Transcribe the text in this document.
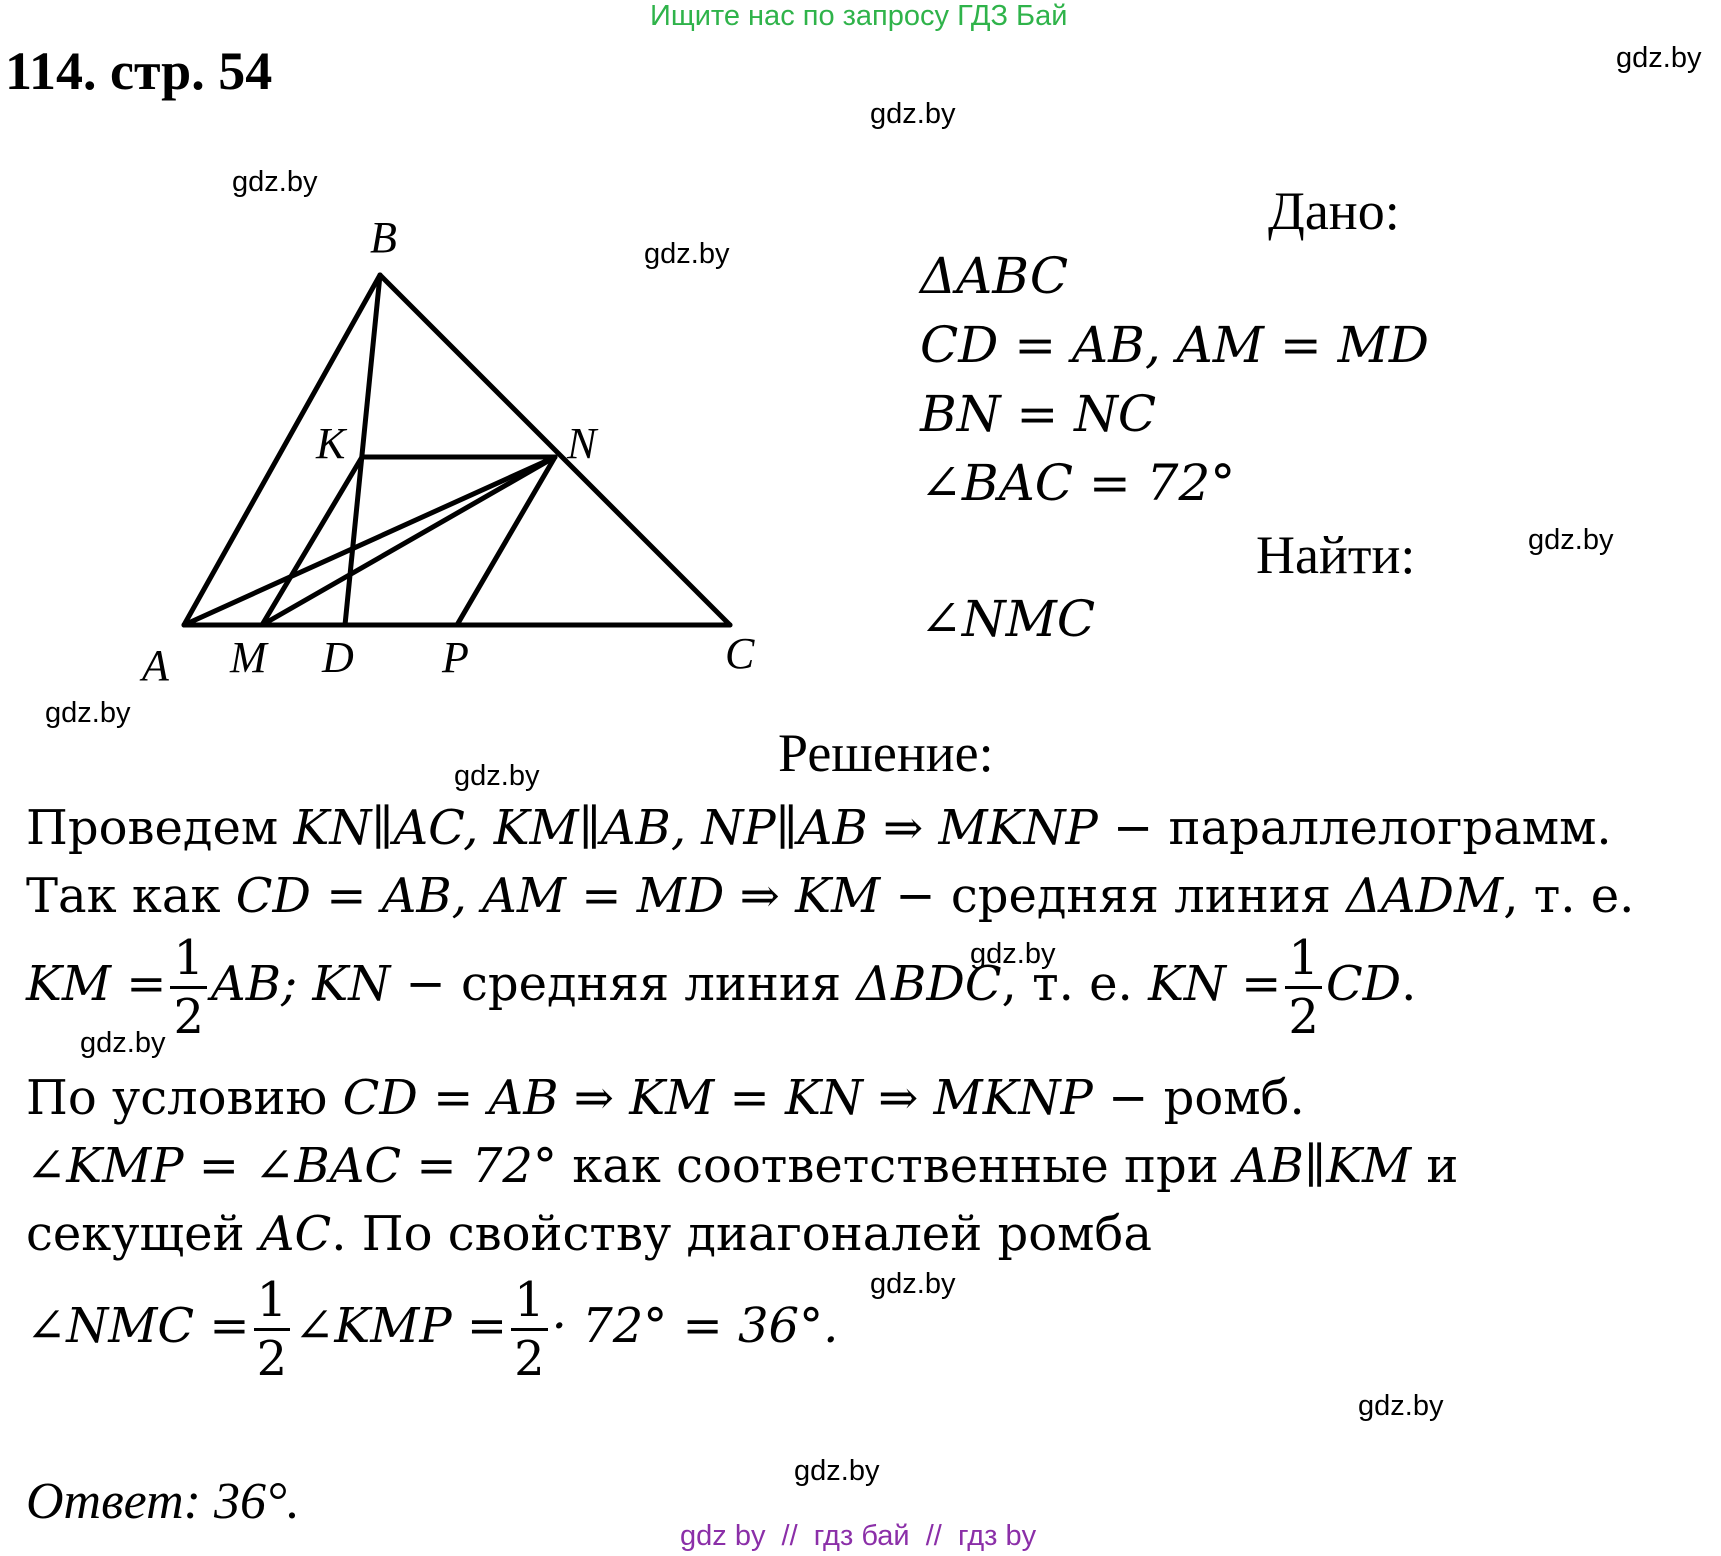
Ищите нас по запросу ГДЗ Бай
114. стр. 54	gdz.by
gdz.by
gdz.by
gdz.by
gdz.by
gdz.by
gdz.by
gdz.by
gdz.by
gdz.by
gdz.by
gdz.by
B
K	N
A M D P	C
Дано:
ΔABC
CD = AB, AM = MD
BN = NC
∠BAC = 72°
Найти:
∠NMC
Решение:
Проведем KN∥AC, KM∥AB, NP∥AB ⇒ MKNP − параллелограмм.
Так как CD = AB, AM = MD ⇒ KM − средняя линия ΔADM, т. е.
KM = $\frac{1}{2}$ AB; KN − средняя линия ΔBDC, т. е. KN = $\frac{1}{2}$ CD.
По условию CD = AB ⇒ KM = KN ⇒ MKNP − ромб.
∠KMP = ∠BAC = 72° как соответственные при AB∥KM и
секущей AC. По свойству диагоналей ромба
∠NMC = $\frac{1}{2}$ ∠KMP = $\frac{1}{2} \cdot 72^\circ = 36^\circ$.
Ответ: 36°.
gdz by  //  гдз бай  //  гдз by
